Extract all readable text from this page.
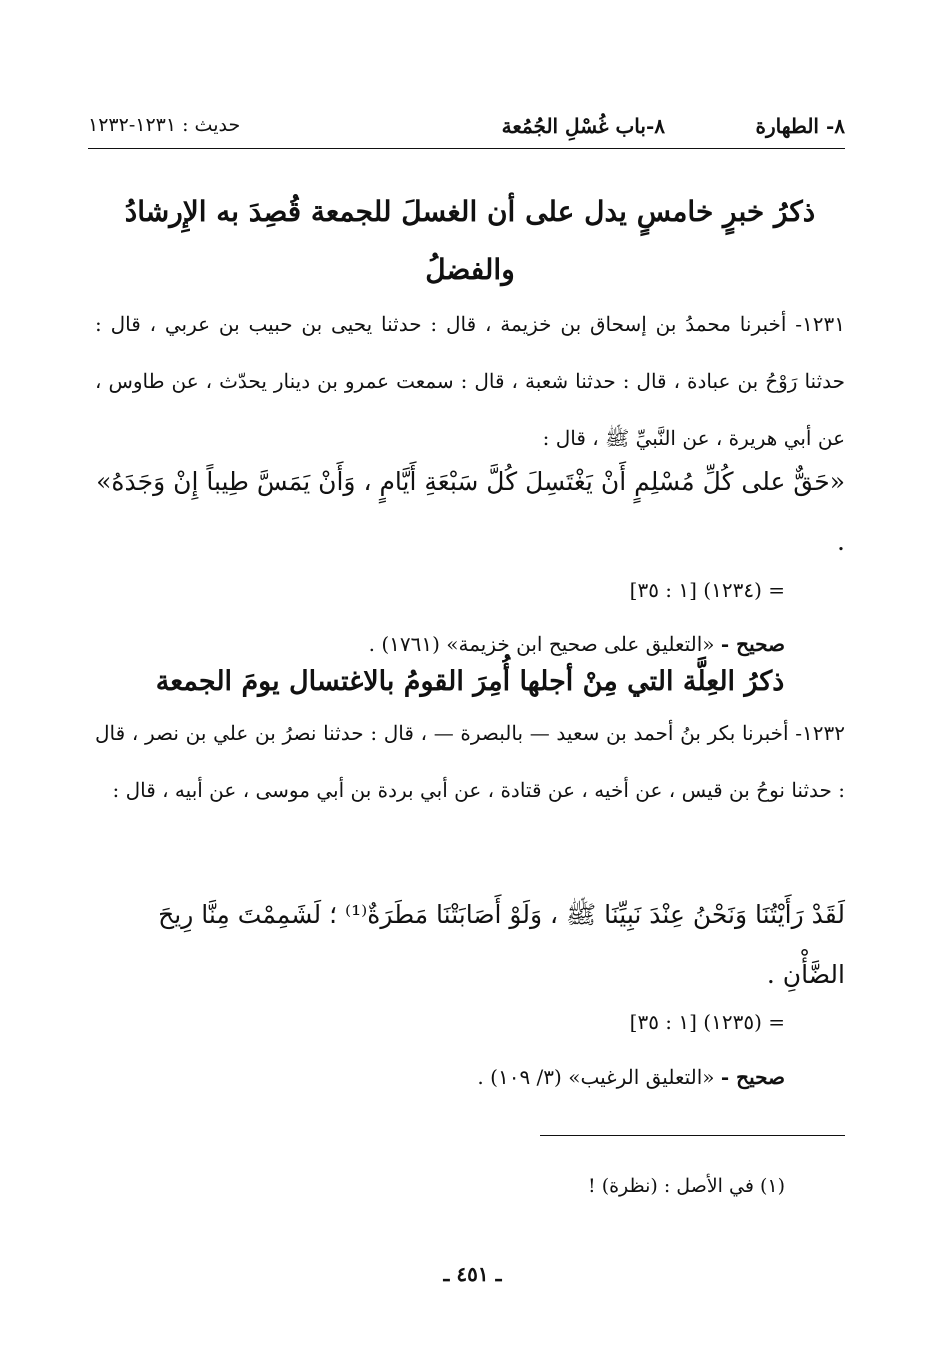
٨- الطهارة
٨-باب غُسْلِ الجُمُعة
حديث : ١٢٣١-١٢٣٢
ذكرُ خبرٍ خامسٍ يدل على أن الغسلَ للجمعة قُصِدَ به الإِرشادُ والفضلُ
١٢٣١- أخبرنا محمدُ بن إسحاق بن خزيمة ، قال : حدثنا يحيى بن حبيب بن عربي ، قال : حدثنا رَوْحُ بن عبادة ، قال : حدثنا شعبة ، قال : سمعت عمرو بن دينار يحدّث ، عن طاوس ، عن أبي هريرة ، عن النَّبيِّ ﷺ ، قال :
«حَقٌّ على كُلِّ مُسْلِمٍ أَنْ يَغْتَسِلَ كُلَّ سَبْعَةِ أَيَّامٍ ، وَأَنْ يَمَسَّ طِيباً إِنْ وَجَدَهُ» .
= (١٢٣٤) [١ : ٣٥]
صحيح - «التعليق على صحيح ابن خزيمة» (١٧٦١) .
ذكرُ العِلَّة التي مِنْ أجلها أُمِرَ القومُ بالاغتسال يومَ الجمعة
١٢٣٢- أخبرنا بكر بنُ أحمد بن سعيد — بالبصرة — ، قال : حدثنا نصرُ بن علي بن نصر ، قال : حدثنا نوحُ بن قيس ، عن أخيه ، عن قتادة ، عن أبي بردة بن أبي موسى ، عن أبيه ، قال :
لَقَدْ رَأَيْتُنَا وَنَحْنُ عِنْدَ نَبِيِّنَا ﷺ ، وَلَوْ أَصَابَتْنَا مَطَرَةٌ⁽¹⁾ ؛ لَشَمِمْتَ مِنَّا رِيحَ الضَّأْنِ .
= (١٢٣٥) [١ : ٣٥]
صحيح - «التعليق الرغيب» (٣/ ١٠٩) .
(١) في الأصل : (نظرة) !
ـ ٤٥١ ـ
